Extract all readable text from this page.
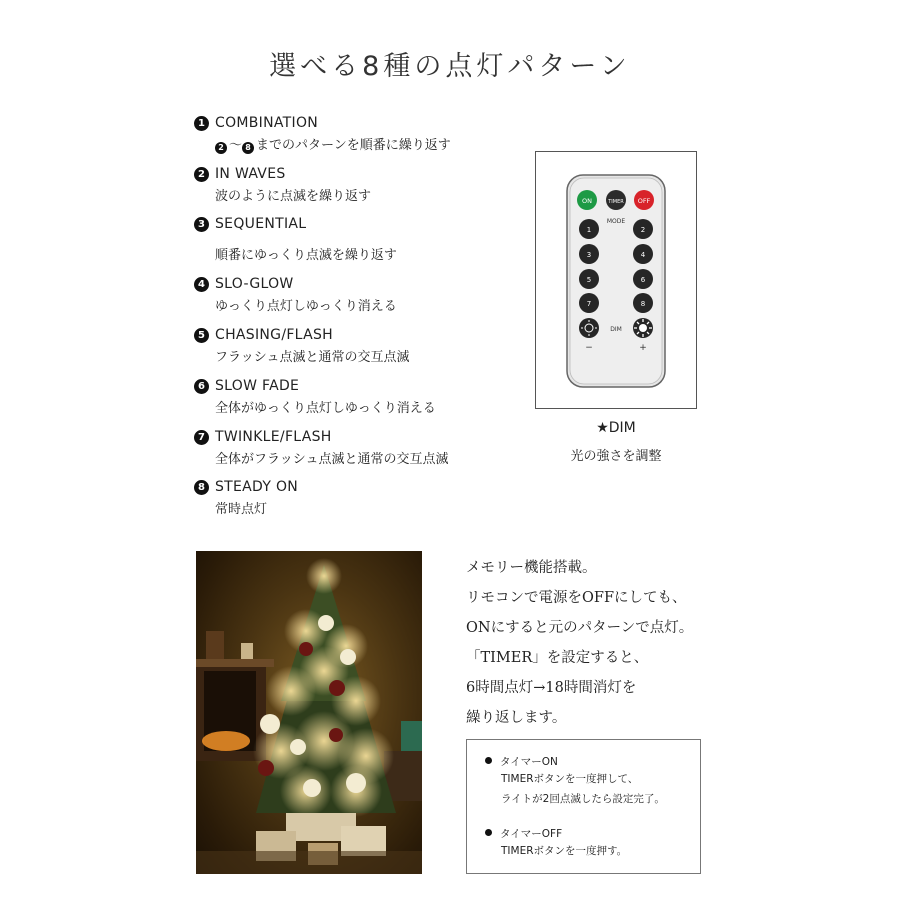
選べる8種の点灯パターン
1 COMBINATION
2 ～ 8 までのパターンを順番に繰り返す
2 IN WAVES
波のように点滅を繰り返す
3 SEQUENTIAL
順番にゆっくり点滅を繰り返す
4 SLO-GLOW
ゆっくり点灯しゆっくり消える
5 CHASING/FLASH
フラッシュ点滅と通常の交互点滅
6 SLOW FADE
全体がゆっくり点灯しゆっくり消える
7 TWINKLE/FLASH
全体がフラッシュ点滅と通常の交互点滅
8 STEADY ON
常時点灯
ON	TIMER OFF
MODE
1	2
3	4
5	6
7	8
DIM
−	+
★DIM
光の強さを調整
メモリー機能搭載。
リモコンで電源をOFFにしても、
ONにすると元のパターンで点灯。
「TIMER」を設定すると、
6時間点灯→18時間消灯を
繰り返します。
タイマーON
TIMERボタンを一度押して、
ライトが2回点滅したら設定完了。
タイマーOFF
TIMERボタンを一度押す。
